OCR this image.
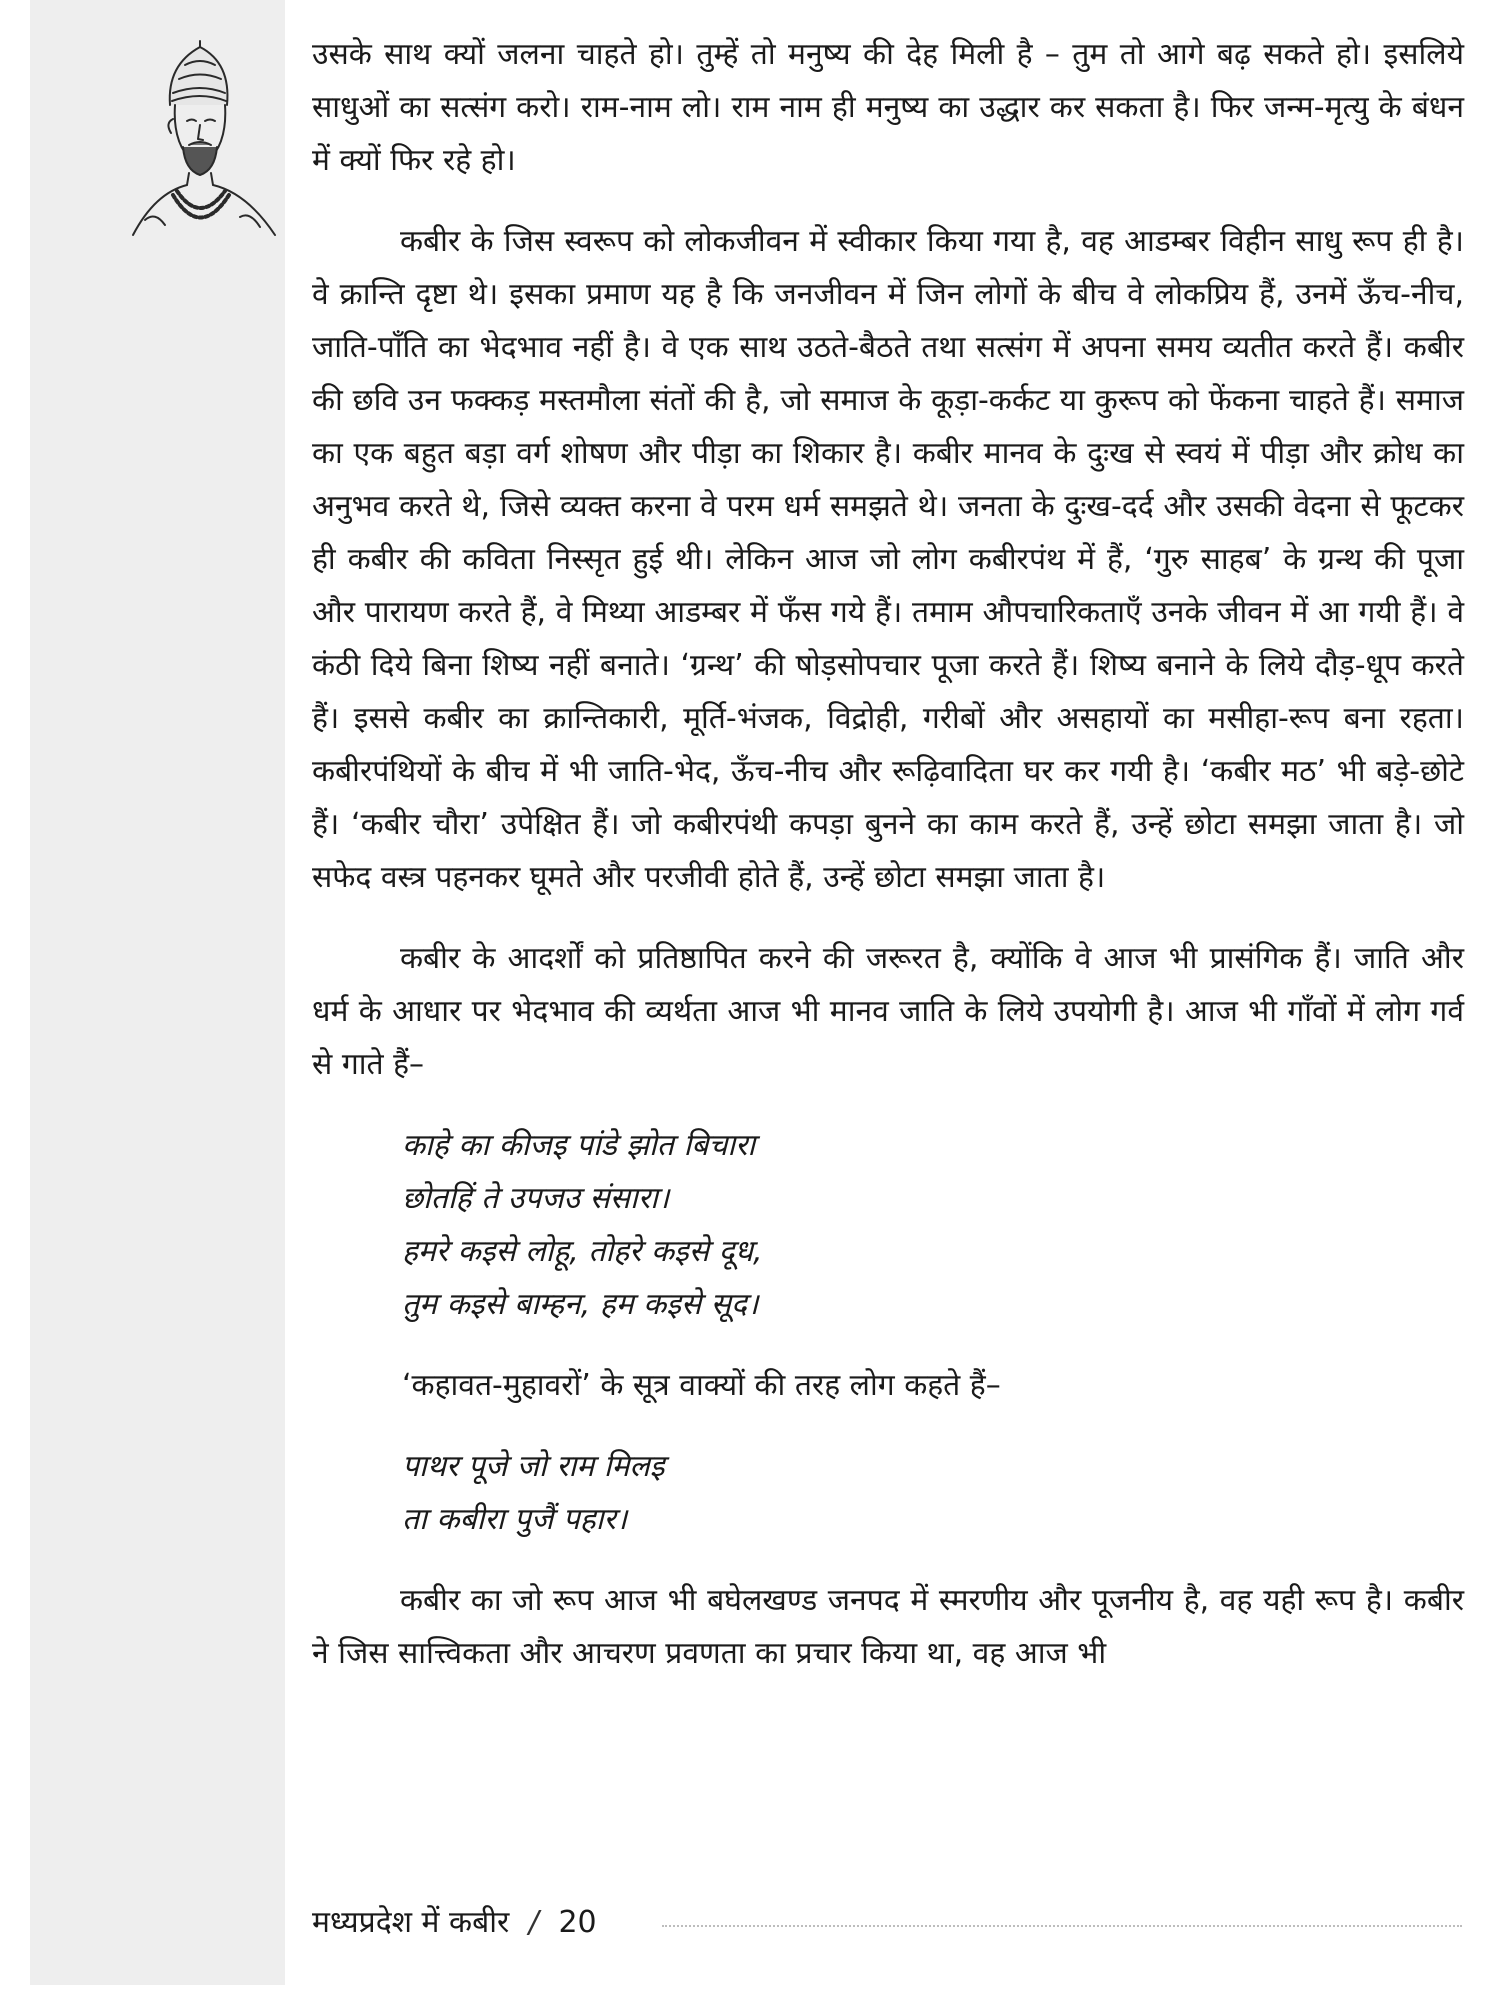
उसके साथ क्यों जलना चाहते हो। तुम्हें तो मनुष्य की देह मिली है – तुम तो आगे बढ़ सकते हो। इसलिये साधुओं का सत्संग करो। राम-नाम लो। राम नाम ही मनुष्य का उद्धार कर सकता है। फिर जन्म-मृत्यु के बंधन में क्यों फिर रहे हो।

कबीर के जिस स्वरूप को लोकजीवन में स्वीकार किया गया है, वह आडम्बर विहीन साधु रूप ही है। वे क्रान्ति दृष्टा थे। इसका प्रमाण यह है कि जनजीवन में जिन लोगों के बीच वे लोकप्रिय हैं, उनमें ऊँच-नीच, जाति-पाँति का भेदभाव नहीं है। वे एक साथ उठते-बैठते तथा सत्संग में अपना समय व्यतीत करते हैं। कबीर की छवि उन फक्कड़ मस्तमौला संतों की है, जो समाज के कूड़ा-कर्कट या कुरूप को फेंकना चाहते हैं। समाज का एक बहुत बड़ा वर्ग शोषण और पीड़ा का शिकार है। कबीर मानव के दुःख से स्वयं में पीड़ा और क्रोध का अनुभव करते थे, जिसे व्यक्त करना वे परम धर्म समझते थे। जनता के दुःख-दर्द और उसकी वेदना से फूटकर ही कबीर की कविता निस्सृत हुई थी। लेकिन आज जो लोग कबीरपंथ में हैं, ‘गुरु साहब’ के ग्रन्थ की पूजा और पारायण करते हैं, वे मिथ्या आडम्बर में फँस गये हैं। तमाम औपचारिकताएँ उनके जीवन में आ गयी हैं। वे कंठी दिये बिना शिष्य नहीं बनाते। ‘ग्रन्थ’ की षोड़सोपचार पूजा करते हैं। शिष्य बनाने के लिये दौड़-धूप करते हैं। इससे कबीर का क्रान्तिकारी, मूर्ति-भंजक, विद्रोही, गरीबों और असहायों का मसीहा-रूप बना रहता। कबीरपंथियों के बीच में भी जाति-भेद, ऊँच-नीच और रूढ़िवादिता घर कर गयी है। ‘कबीर मठ’ भी बड़े-छोटे हैं। ‘कबीर चौरा’ उपेक्षित हैं। जो कबीरपंथी कपड़ा बुनने का काम करते हैं, उन्हें छोटा समझा जाता है। जो सफेद वस्त्र पहनकर घूमते और परजीवी होते हैं, उन्हें छोटा समझा जाता है।

कबीर के आदर्शों को प्रतिष्ठापित करने की जरूरत है, क्योंकि वे आज भी प्रासंगिक हैं। जाति और धर्म के आधार पर भेदभाव की व्यर्थता आज भी मानव जाति के लिये उपयोगी है। आज भी गाँवों में लोग गर्व से गाते हैं–

काहे का कीजइ पांडे झोत बिचारा
छोतहिं ते उपजउ संसारा।
हमरे कइसे लोहू, तोहरे कइसे दूध,
तुम कइसे बाम्हन, हम कइसे सूद।

‘कहावत-मुहावरों’ के सूत्र वाक्यों की तरह लोग कहते हैं–

पाथर पूजे जो राम मिलइ
ता कबीरा पुजैं पहार।

कबीर का जो रूप आज भी बघेलखण्ड जनपद में स्मरणीय और पूजनीय है, वह यही रूप है। कबीर ने जिस सात्त्विकता और आचरण प्रवणता का प्रचार किया था, वह आज भी

मध्यप्रदेश में कबीर / 20
